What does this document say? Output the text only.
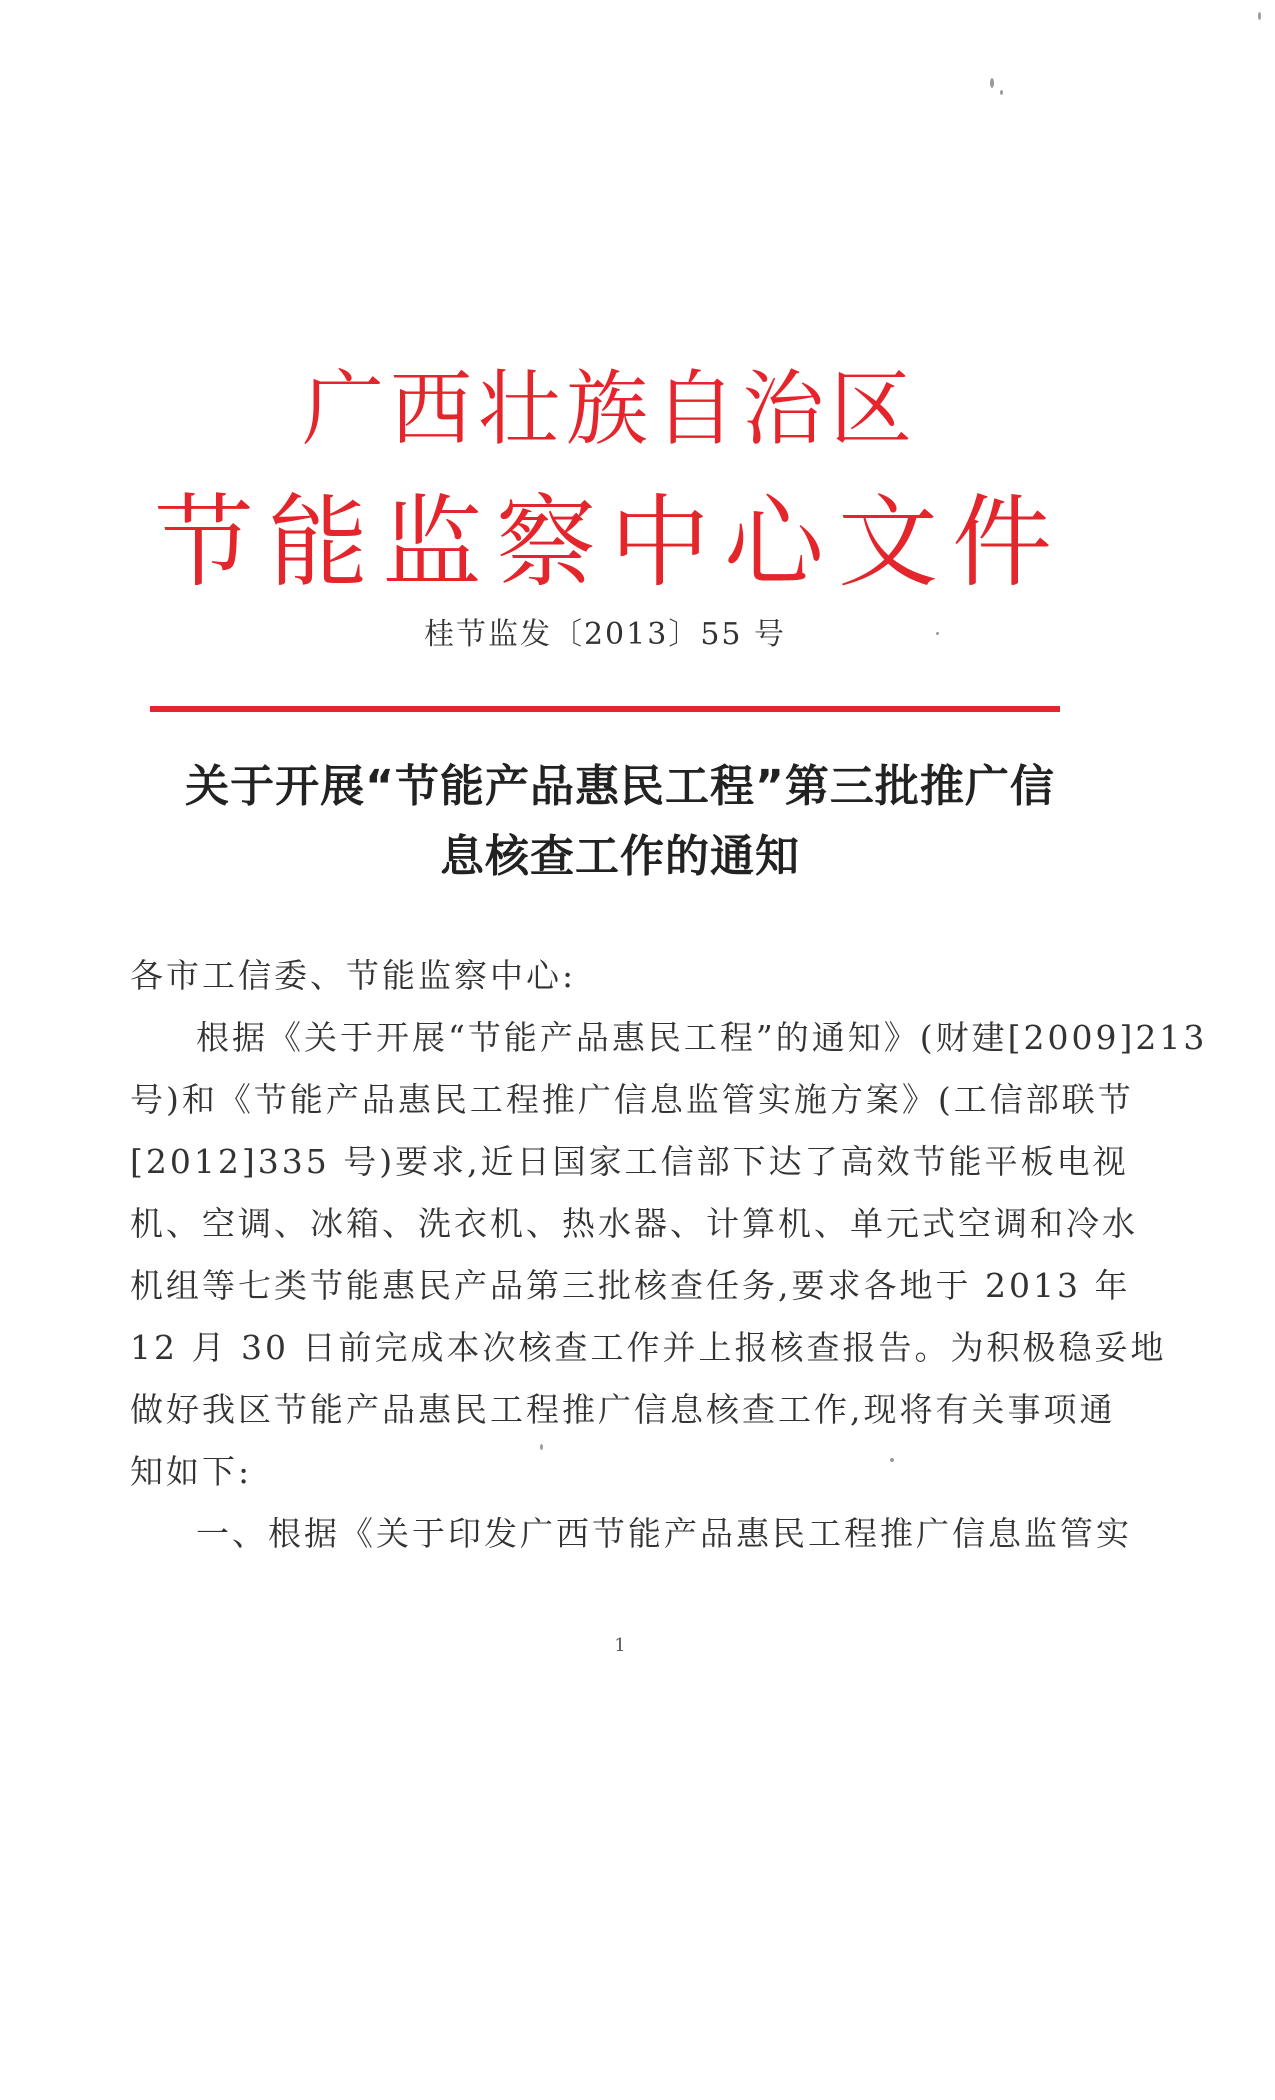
广西壮族自治区
节能监察中心文件
桂节监发〔2013〕55 号
关于开展“节能产品惠民工程”第三批推广信
息核查工作的通知
各市工信委、节能监察中心:
根据《关于开展“节能产品惠民工程”的通知》(财建[2009]213
号)和《节能产品惠民工程推广信息监管实施方案》(工信部联节
[2012]335 号)要求,近日国家工信部下达了高效节能平板电视
机、空调、冰箱、洗衣机、热水器、计算机、单元式空调和冷水
机组等七类节能惠民产品第三批核查任务,要求各地于 2013 年
12 月 30 日前完成本次核查工作并上报核查报告。为积极稳妥地
做好我区节能产品惠民工程推广信息核查工作,现将有关事项通
知如下:
一、根据《关于印发广西节能产品惠民工程推广信息监管实
1
